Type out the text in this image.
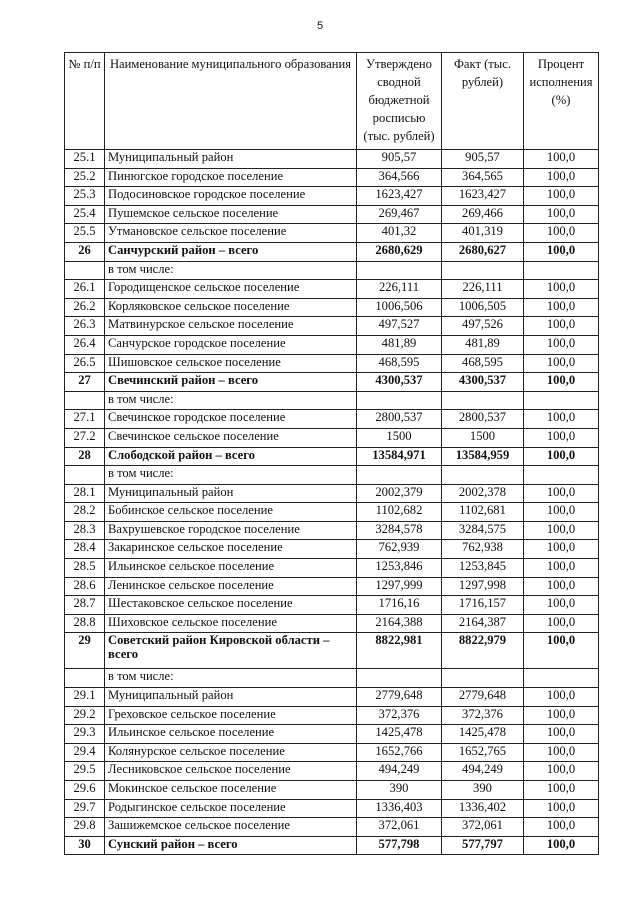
5
№ п/п	Наименование муниципального образования	Утверждено сводной бюджетной росписью (тыс. рублей)	Факт (тыс. рублей)	Процент исполнения (%)
25.1	Муниципальный район	905,57	905,57	100,0
25.2	Пинюгское городское поселение	364,566	364,565	100,0
25.3	Подосиновское городское поселение	1623,427	1623,427	100,0
25.4	Пушемское сельское поселение	269,467	269,466	100,0
25.5	Утмановское сельское поселение	401,32	401,319	100,0
26	Санчурский район – всего	2680,629	2680,627	100,0
	в том числе:			
26.1	Городищенское сельское поселение	226,111	226,111	100,0
26.2	Корляковское сельское поселение	1006,506	1006,505	100,0
26.3	Матвинурское сельское поселение	497,527	497,526	100,0
26.4	Санчурское городское поселение	481,89	481,89	100,0
26.5	Шишовское сельское поселение	468,595	468,595	100,0
27	Свечинский район – всего	4300,537	4300,537	100,0
	в том числе:			
27.1	Свечинское городское поселение	2800,537	2800,537	100,0
27.2	Свечинское сельское поселение	1500	1500	100,0
28	Слободской район – всего	13584,971	13584,959	100,0
	в том числе:			
28.1	Муниципальный район	2002,379	2002,378	100,0
28.2	Бобинское сельское поселение	1102,682	1102,681	100,0
28.3	Вахрушевское городское поселение	3284,578	3284,575	100,0
28.4	Закаринское сельское поселение	762,939	762,938	100,0
28.5	Ильинское сельское поселение	1253,846	1253,845	100,0
28.6	Ленинское сельское поселение	1297,999	1297,998	100,0
28.7	Шестаковское сельское поселение	1716,16	1716,157	100,0
28.8	Шиховское сельское поселение	2164,388	2164,387	100,0
29	Советский район Кировской области – всего	8822,981	8822,979	100,0
	в том числе:			
29.1	Муниципальный район	2779,648	2779,648	100,0
29.2	Греховское сельское поселение	372,376	372,376	100,0
29.3	Ильинское сельское поселение	1425,478	1425,478	100,0
29.4	Колянурское сельское поселение	1652,766	1652,765	100,0
29.5	Лесниковское сельское поселение	494,249	494,249	100,0
29.6	Мокинское сельское поселение	390	390	100,0
29.7	Родыгинское сельское поселение	1336,403	1336,402	100,0
29.8	Зашижемское сельское поселение	372,061	372,061	100,0
30	Сунский район – всего	577,798	577,797	100,0
